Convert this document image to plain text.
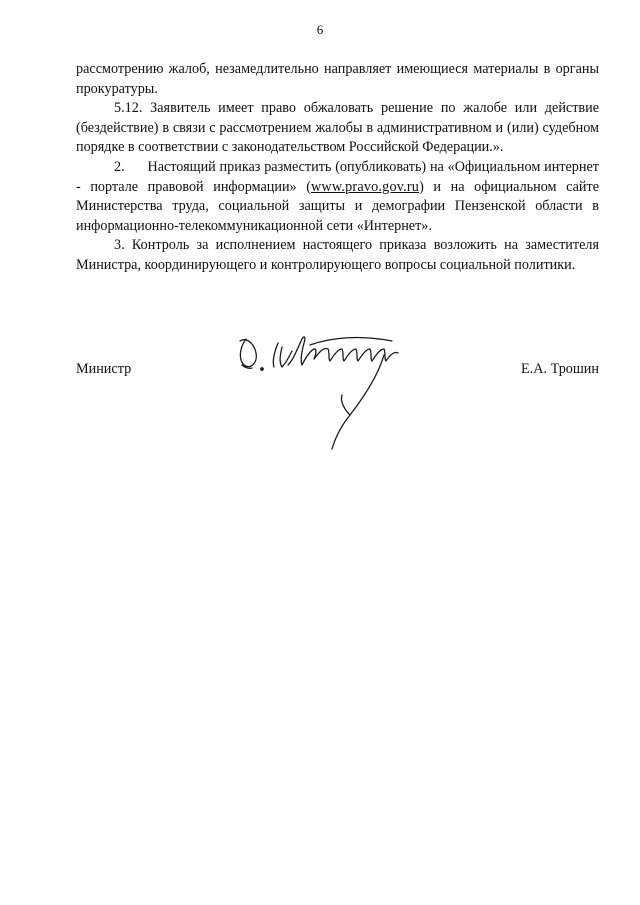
6

рассмотрению жалоб, незамедлительно направляет имеющиеся материалы в органы прокуратуры.

5.12. Заявитель имеет право обжаловать решение по жалобе или действие (бездействие) в связи с рассмотрением жалобы в административном и (или) судебном порядке в соответствии с законодательством Российской Федерации.».

2.      Настоящий приказ разместить (опубликовать) на «Официальном интернет - портале правовой информации» (www.pravo.gov.ru) и на официальном сайте Министерства труда, социальной защиты и демографии Пензенской области в информационно-телекоммуникационной сети «Интернет».

3. Контроль за исполнением настоящего приказа возложить на заместителя Министра, координирующего и контролирующего вопросы социальной политики.

Министр	Е.А. Трошин
